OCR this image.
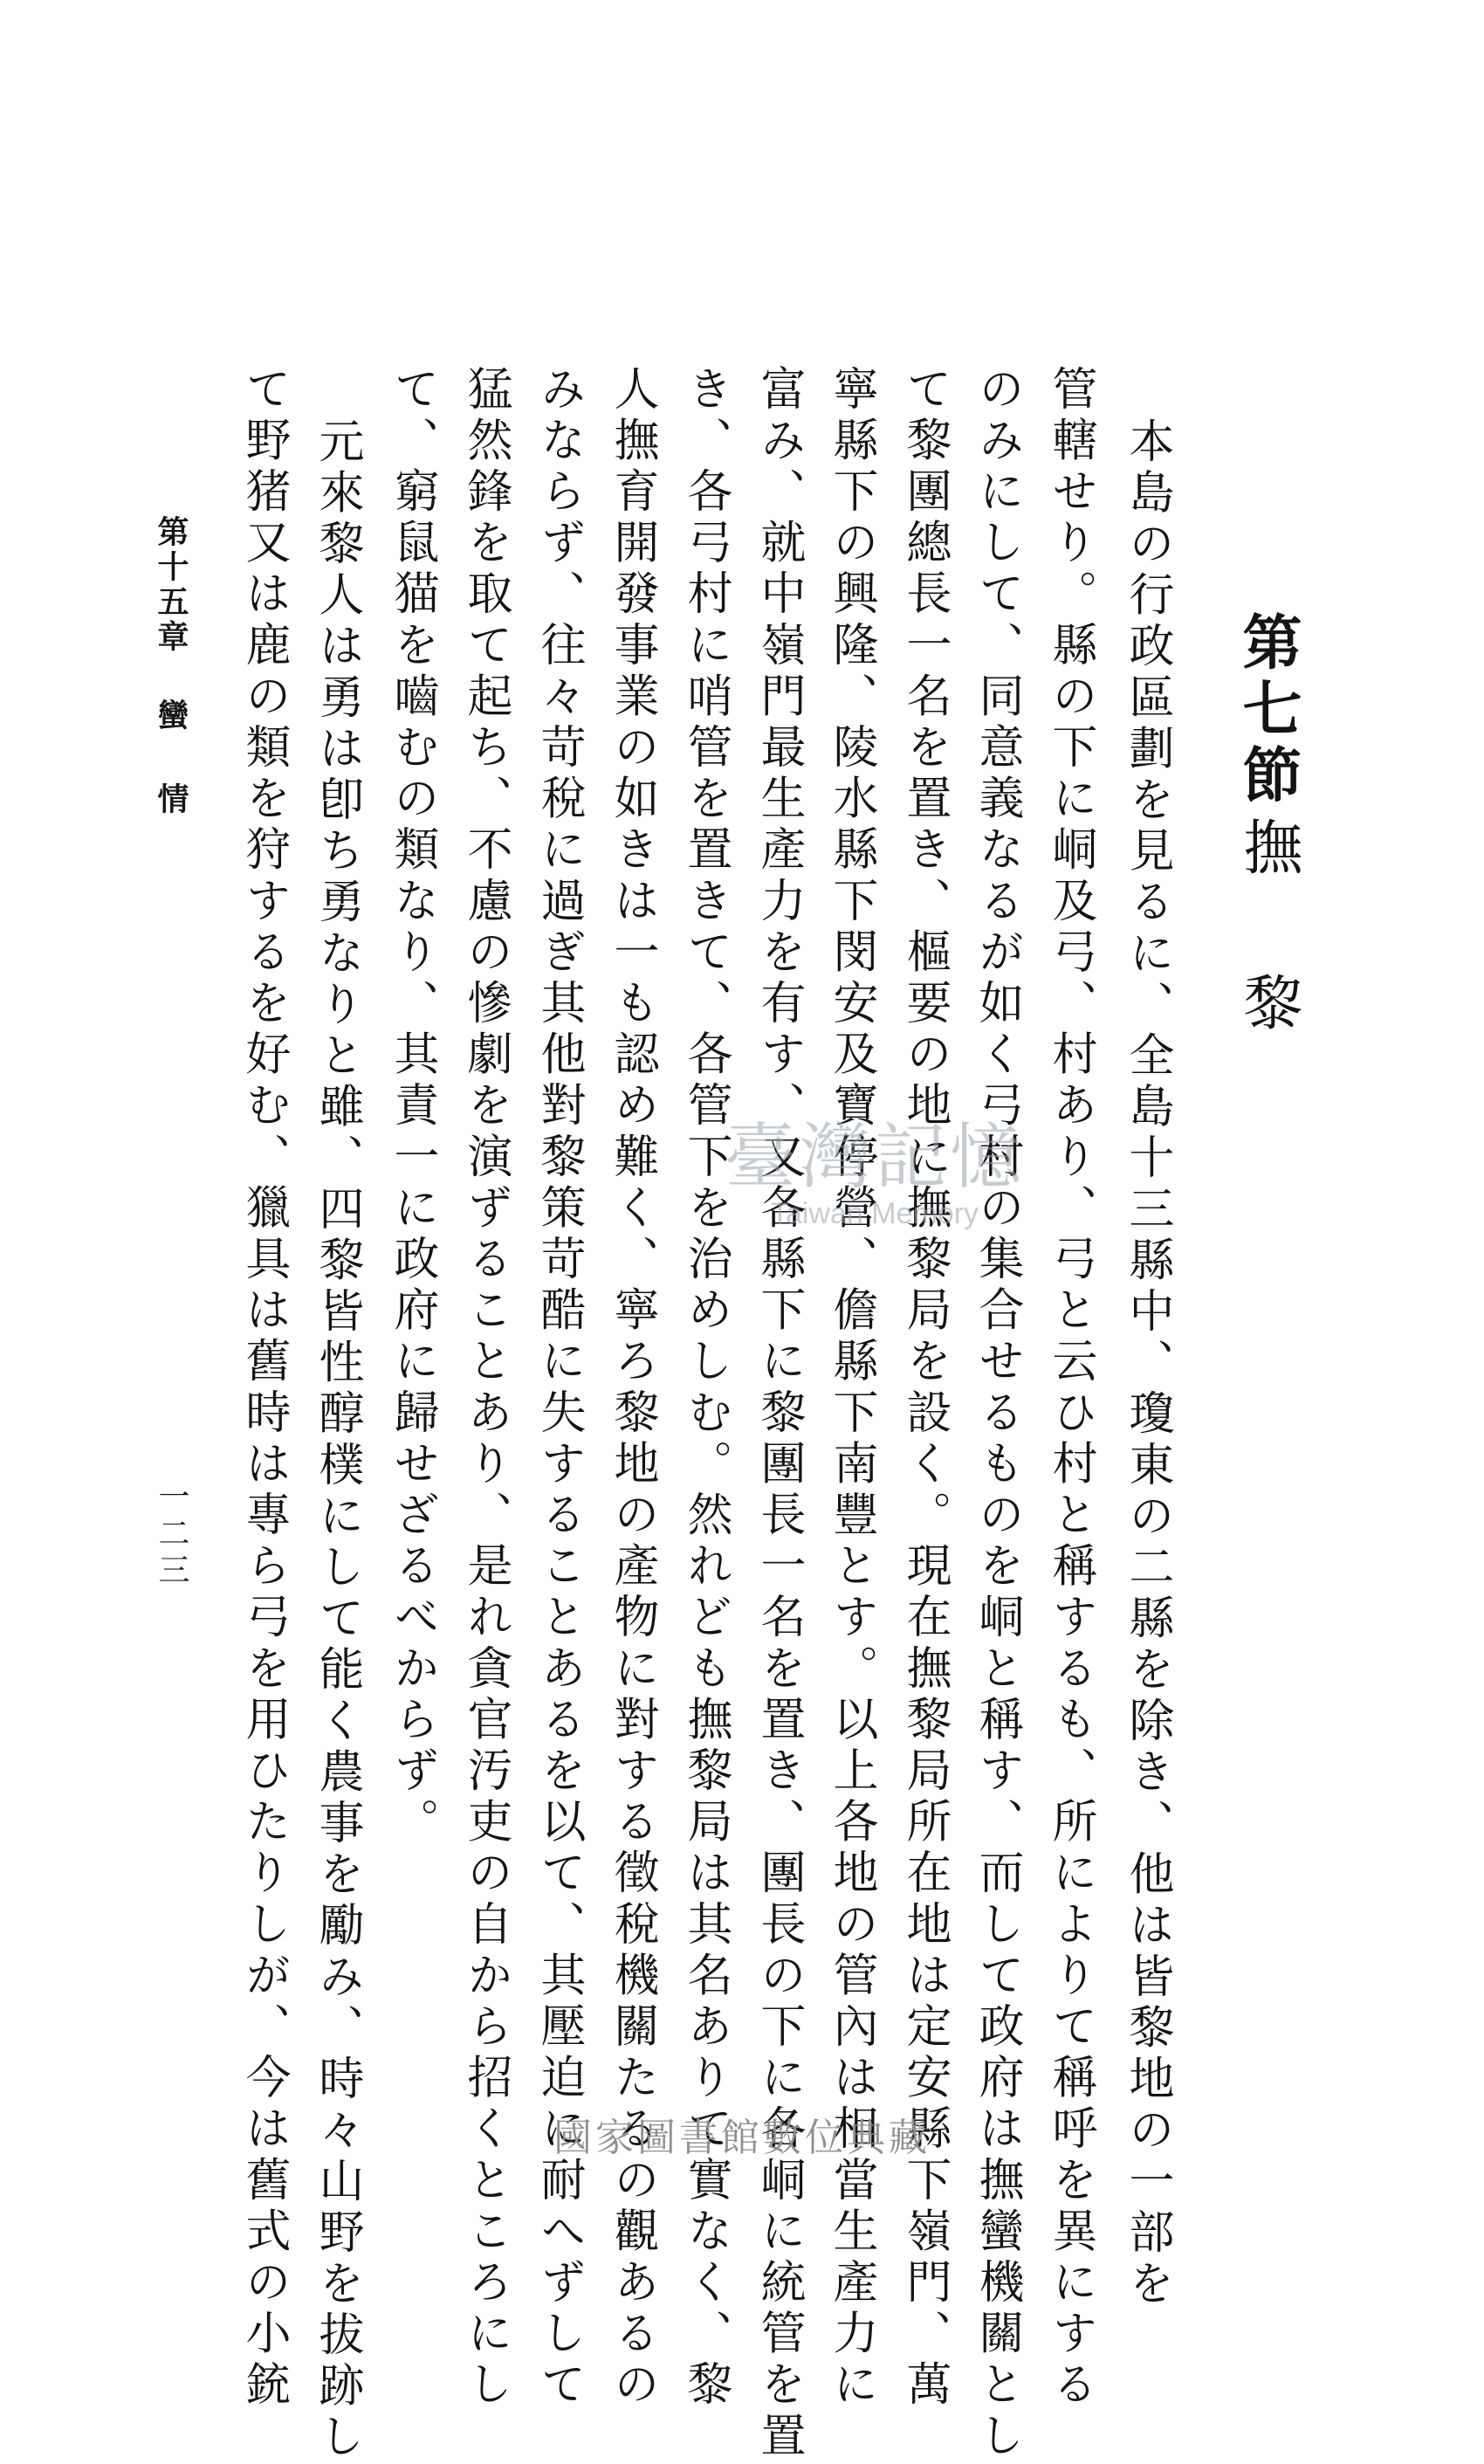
第七節
撫黎
本島の行政區劃を見るに、全島十三縣中、瓊東の二縣を除き、他は皆黎地の一部を
管轄せり。縣の下に峒及弓、村あり、弓と云ひ村と稱するも、所によりて稱呼を異にする
のみにして、同意義なるが如く弓村の集合せるものを峒と稱す、而して政府は撫蠻機關とし
て黎團總長一名を置き、樞要の地に撫黎局を設く。現在撫黎局所在地は定安縣下嶺門、萬
寧縣下の興隆、陵水縣下閔安及寶停營、儋縣下南豐とす。以上各地の管內は相當生產力に
富み、就中嶺門最生產力を有す、又各縣下に黎團長一名を置き、團長の下に各峒に統管を置
き、各弓村に哨管を置きて、各管下を治めしむ。然れども撫黎局は其名ありて實なく、黎
人撫育開發事業の如きは一も認め難く、寧ろ黎地の產物に對する徵稅機關たるの觀あるの
みならず、往々苛稅に過ぎ其他對黎策苛酷に失することあるを以て、其壓迫に耐へずして
猛然鋒を取て起ち、不慮の慘劇を演ずることあり、是れ貪官汚吏の自から招くところにし
て、窮鼠猫を嚙むの類なり、其責一に政府に歸せざるべからず。
元來黎人は勇は卽ち勇なりと雖、四黎皆性醇樸にして能く農事を勵み、時々山野を拔跡し
て野猪又は鹿の類を狩するを好む、獵具は舊時は專ら弓を用ひたりしが、今は舊式の小銃
第十五章
蠻情
一二三
臺灣記憶
Taiwan Memory
國家圖書館數位典藏
